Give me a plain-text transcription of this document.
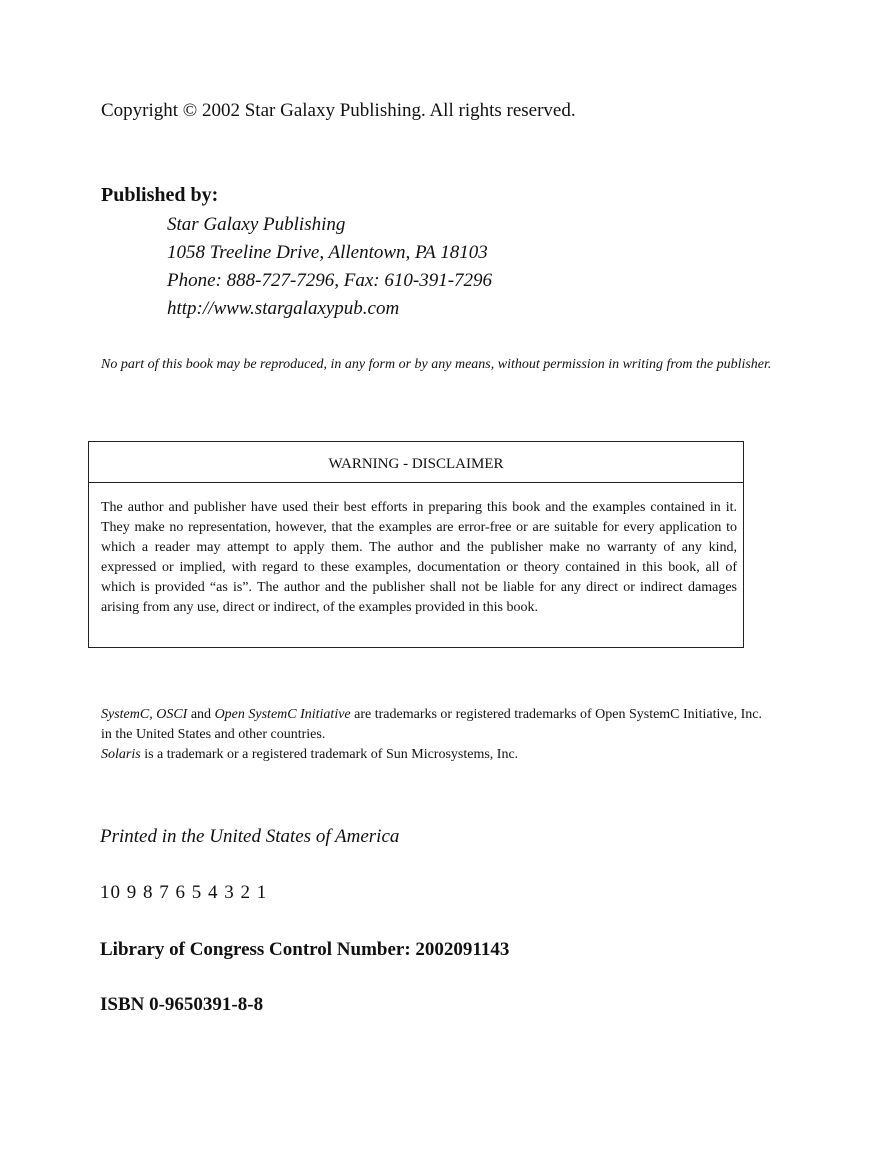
Copyright © 2002 Star Galaxy Publishing. All rights reserved.
Published by:
Star Galaxy Publishing
1058 Treeline Drive, Allentown, PA 18103
Phone: 888-727-7296, Fax: 610-391-7296
http://www.stargalaxypub.com
No part of this book may be reproduced, in any form or by any means, without permission in writing from the publisher.
WARNING - DISCLAIMER
The author and publisher have used their best efforts in preparing this book and the examples contained in it. They make no representation, however, that the examples are error-free or are suitable for every application to which a reader may attempt to apply them. The author and the publisher make no warranty of any kind, expressed or implied, with regard to these examples, documentation or theory contained in this book, all of which is provided “as is”. The author and the publisher shall not be liable for any direct or indirect damages arising from any use, direct or indirect, of the examples provided in this book.
SystemC, OSCI and Open SystemC Initiative are trademarks or registered trademarks of Open SystemC Initiative, Inc. in the United States and other countries.
Solaris is a trademark or a registered trademark of Sun Microsystems, Inc.
Printed in the United States of America
10 9 8 7 6 5 4 3 2 1
Library of Congress Control Number: 2002091143
ISBN 0-9650391-8-8
